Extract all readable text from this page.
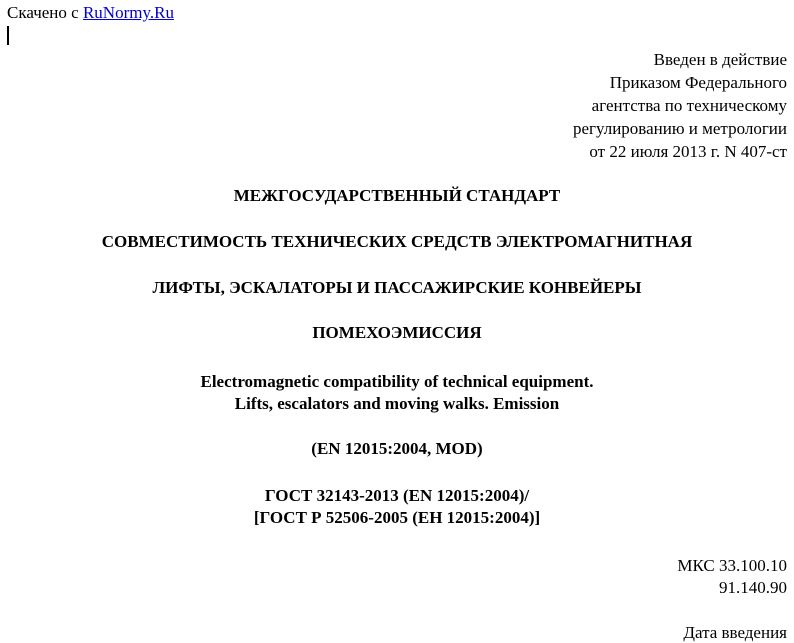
Скачено с RuNormy.Ru
Введен в действие
Приказом Федерального
агентства по техническому
регулированию и метрологии
от 22 июля 2013 г. N 407-ст
МЕЖГОСУДАРСТВЕННЫЙ СТАНДАРТ
СОВМЕСТИМОСТЬ ТЕХНИЧЕСКИХ СРЕДСТВ ЭЛЕКТРОМАГНИТНАЯ
ЛИФТЫ, ЭСКАЛАТОРЫ И ПАССАЖИРСКИЕ КОНВЕЙЕРЫ
ПОМЕХОЭМИССИЯ
Electromagnetic compatibility of technical equipment.
Lifts, escalators and moving walks. Emission
(EN 12015:2004, MOD)
ГОСТ 32143-2013 (EN 12015:2004)/
[ГОСТ Р 52506-2005 (ЕН 12015:2004)]
МКС 33.100.10
91.140.90
Дата введения
